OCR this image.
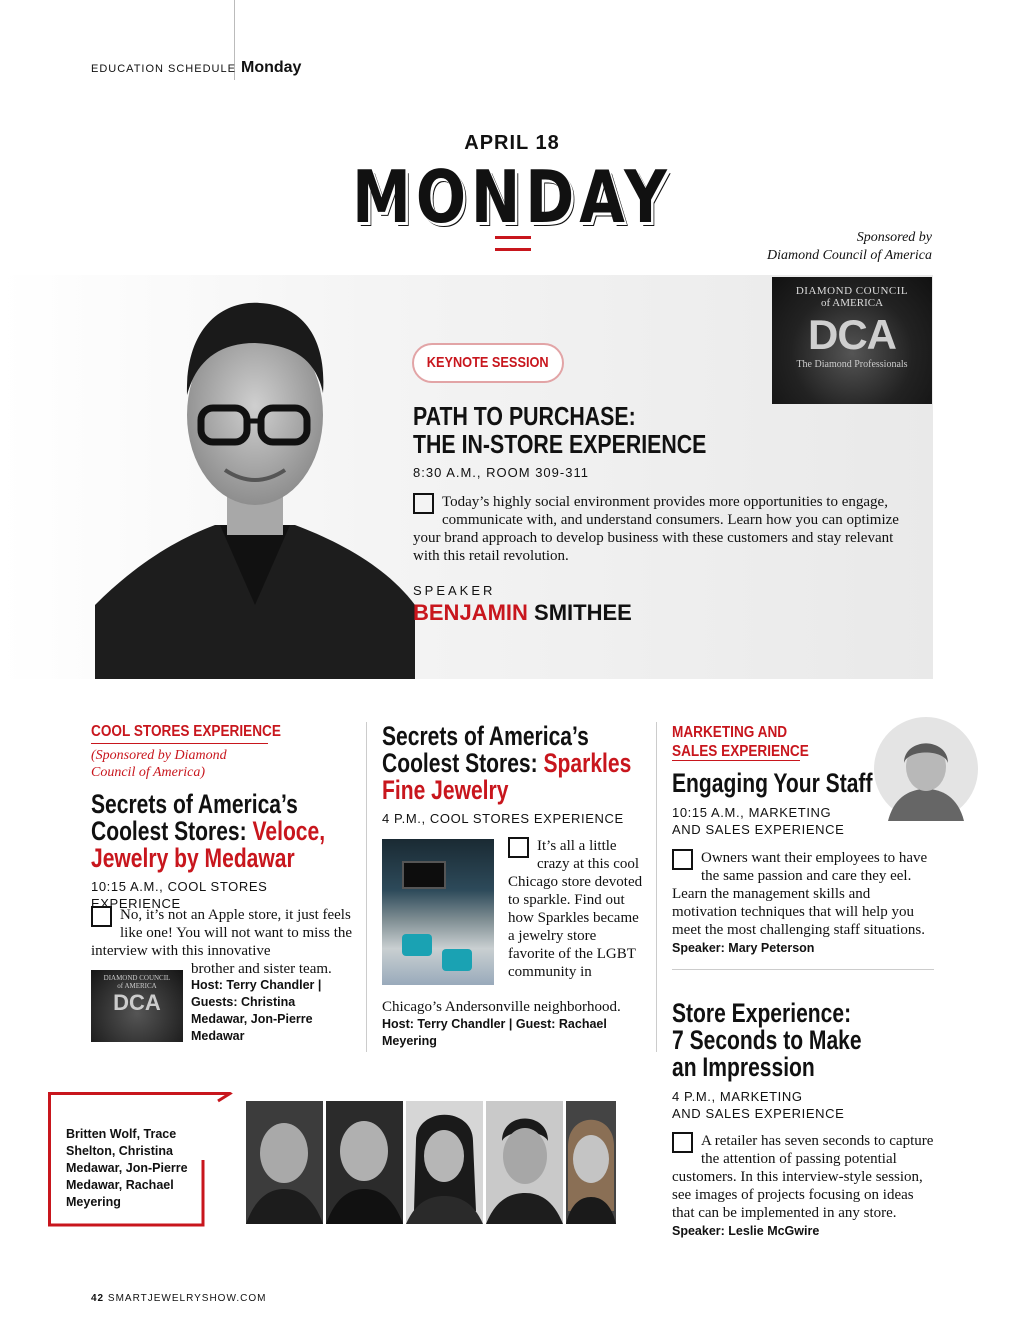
EDUCATION SCHEDULE Monday
APRIL 18
MONDAY	Sponsored by
Diamond Council of America
DIAMOND COUNCIL
of AMERICA
DCA
The Diamond Professionals
KEYNOTE SESSION
PATH TO PURCHASE:
THE IN-STORE EXPERIENCE
8:30 A.M., ROOM 309-311
Today’s highly social environment provides more opportunities to engage, communicate with, and understand consumers. Learn how you can optimize your brand approach to develop business with these customers and stay relevant with this retail revolution.
SPEAKER
BENJAMIN SMITHEE
COOL STORES EXPERIENCE
(Sponsored by Diamond
Council of America)
Secrets of America’s
Coolest Stores: Veloce,
Jewelry by Medawar
10:15 A.M., COOL STORES EXPERIENCE
No, it’s not an Apple store, it just feels like one! You will not want to miss the interview with this innovative
brother and sister team.
DIAMOND COUNCIL
of AMERICA
DCA
Host: Terry Chandler | Guests: Christina Medawar, Jon-Pierre Medawar
Secrets of America’s
Coolest Stores: Sparkles
Fine Jewelry
4 P.M., COOL STORES EXPERIENCE
It’s all a little crazy at this cool Chicago store devoted to sparkle. Find out how Sparkles became a jewelry store favorite of the LGBT community in
Chicago’s Andersonville neighborhood.
Host: Terry Chandler | Guest: Rachael Meyering
MARKETING AND
SALES EXPERIENCE
Engaging Your Staff
10:15 A.M., MARKETING
AND SALES EXPERIENCE
Owners want their employees to have the same passion and care they eel. Learn the management skills and motivation techniques that will help you meet the most challenging staff situations. Speaker: Mary Peterson
Store Experience:
7 Seconds to Make
an Impression
4 P.M., MARKETING
AND SALES EXPERIENCE
A retailer has seven seconds to capture the attention of passing potential customers. In this interview-style session, see images of projects focusing on ideas that can be implemented in any store. Speaker: Leslie McGwire
Britten Wolf, Trace Shelton, Christina Medawar, Jon-Pierre Medawar, Rachael Meyering
42 SMARTJEWELRYSHOW.COM
